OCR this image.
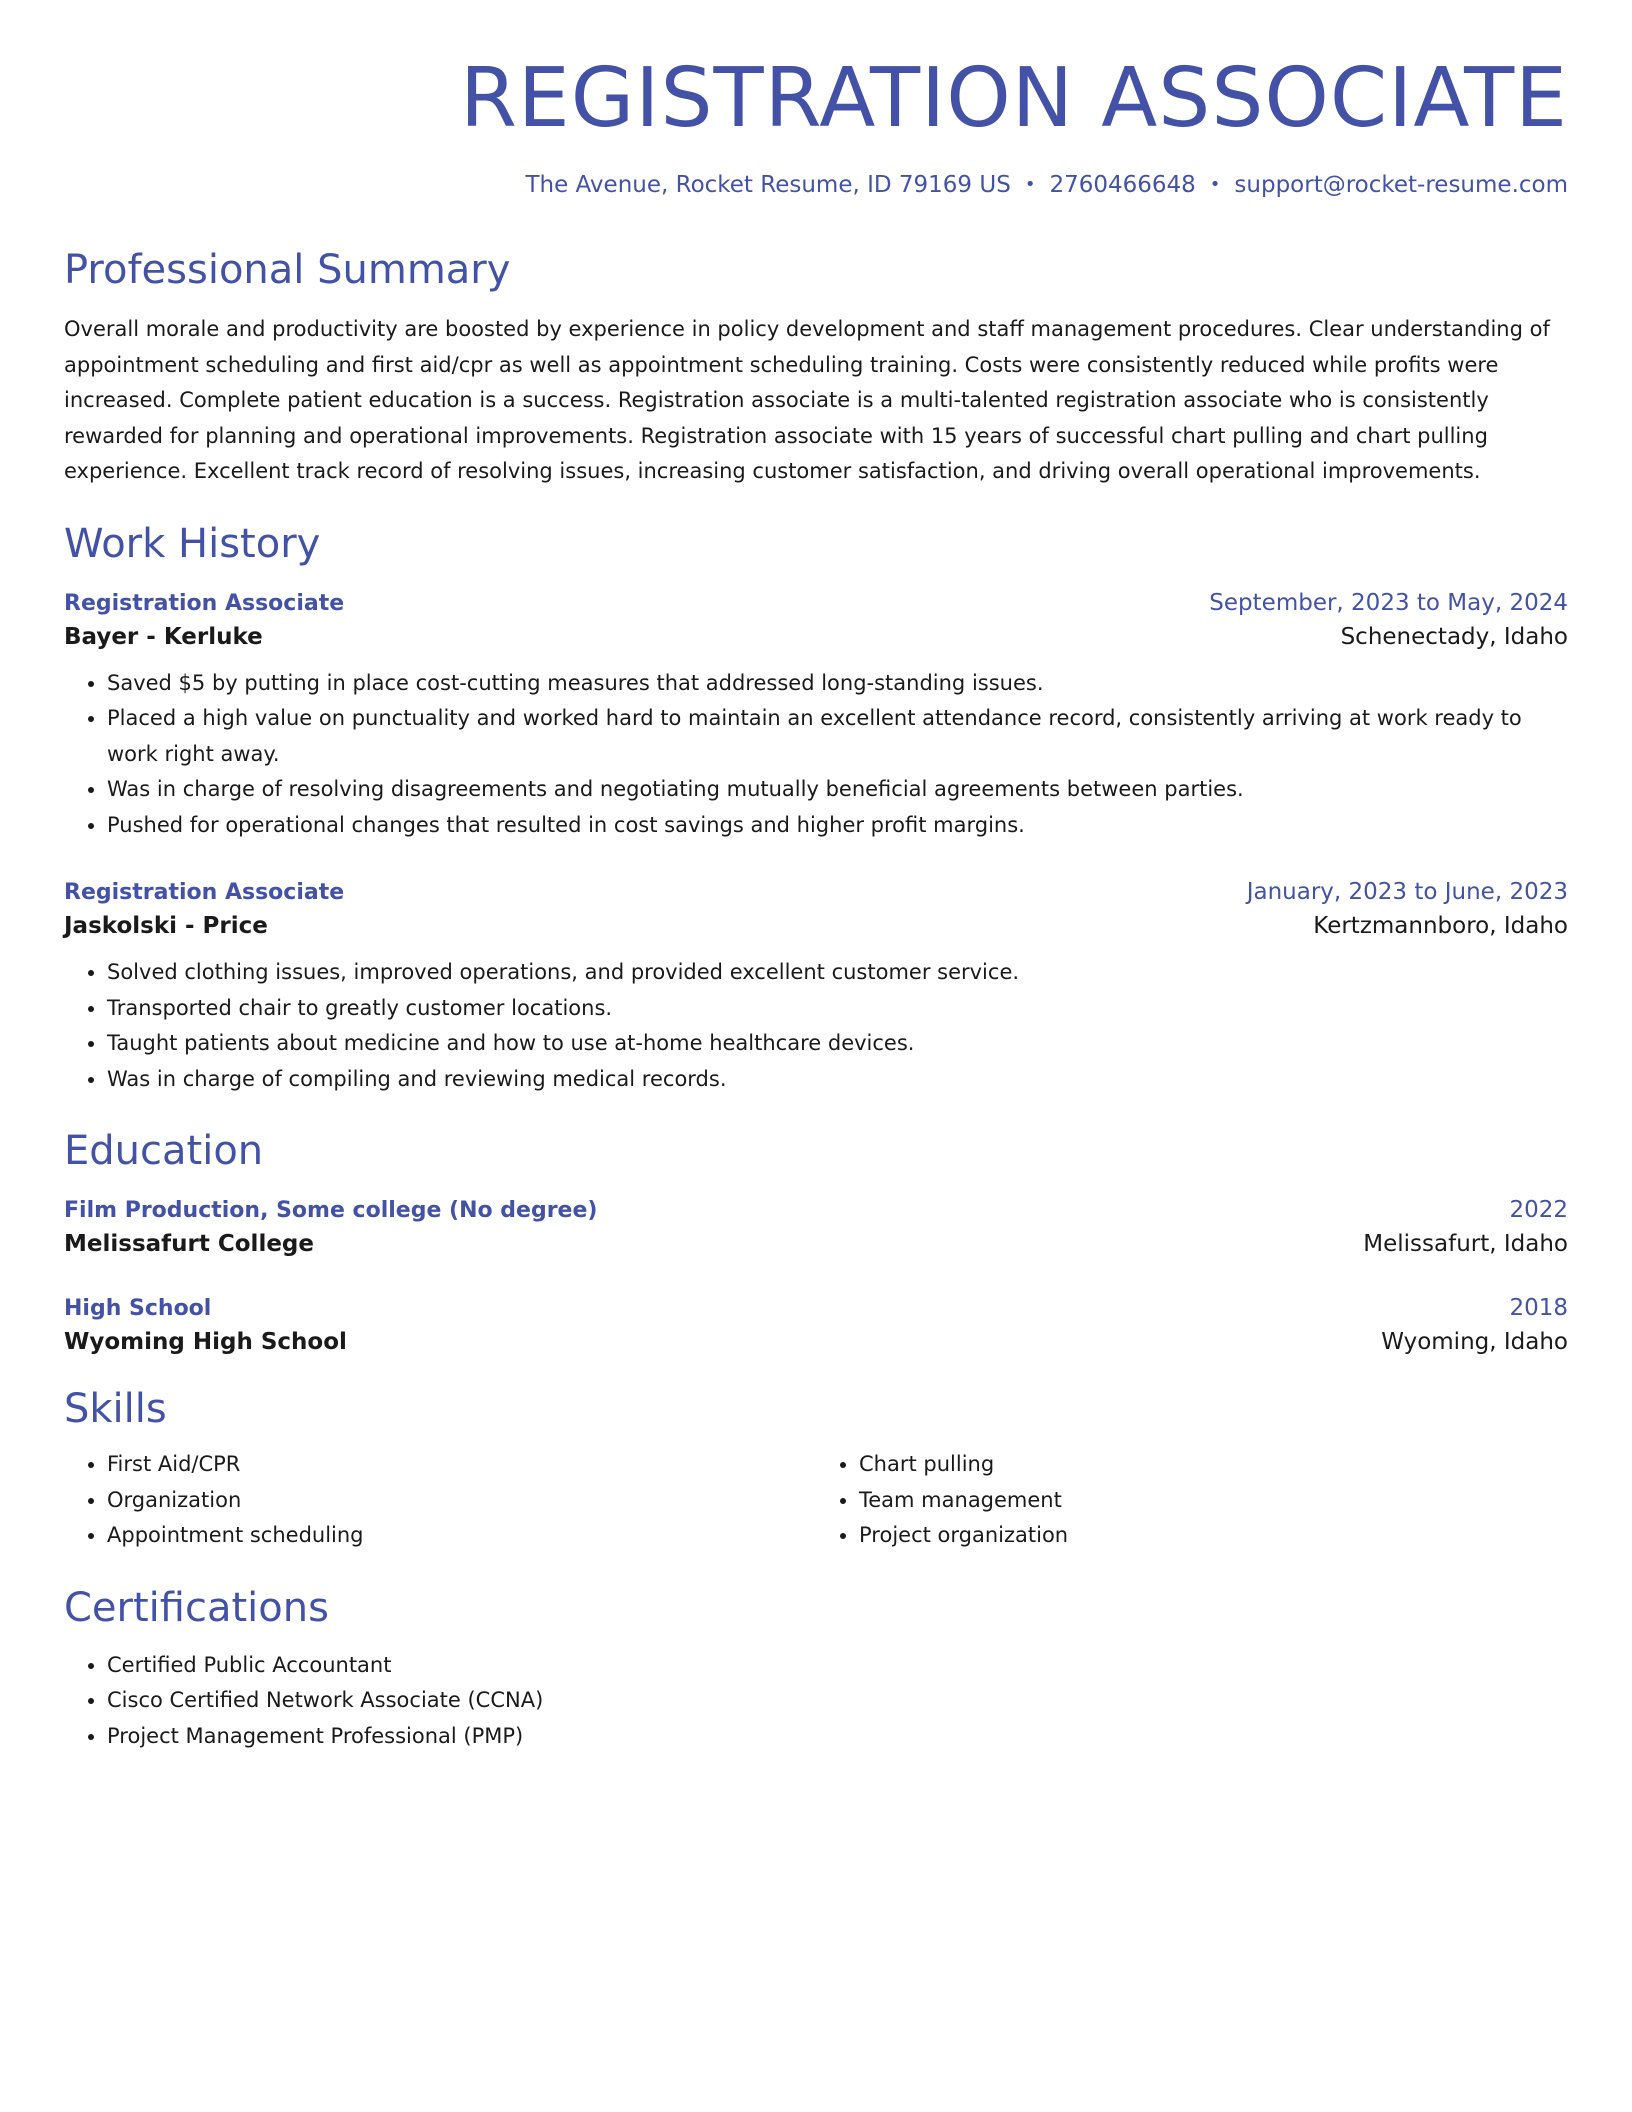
REGISTRATION ASSOCIATE
The Avenue, Rocket Resume, ID 79169 US • 2760466648 • support@rocket-resume.com
Professional Summary
Overall morale and productivity are boosted by experience in policy development and staff management procedures. Clear understanding of appointment scheduling and first aid/cpr as well as appointment scheduling training. Costs were consistently reduced while profits were increased. Complete patient education is a success. Registration associate is a multi-talented registration associate who is consistently rewarded for planning and operational improvements. Registration associate with 15 years of successful chart pulling and chart pulling experience. Excellent track record of resolving issues, increasing customer satisfaction, and driving overall operational improvements.
Work History
Registration Associate	September, 2023 to May, 2024
Bayer - Kerluke	Schenectady, Idaho
• Saved $5 by putting in place cost-cutting measures that addressed long-standing issues.
• Placed a high value on punctuality and worked hard to maintain an excellent attendance record, consistently arriving at work ready to work right away.
• Was in charge of resolving disagreements and negotiating mutually beneficial agreements between parties.
• Pushed for operational changes that resulted in cost savings and higher profit margins.
Registration Associate	January, 2023 to June, 2023
Jaskolski - Price	Kertzmannboro, Idaho
• Solved clothing issues, improved operations, and provided excellent customer service.
• Transported chair to greatly customer locations.
• Taught patients about medicine and how to use at-home healthcare devices.
• Was in charge of compiling and reviewing medical records.
Education
Film Production, Some college (No degree)	2022
Melissafurt College	Melissafurt, Idaho
High School	2018
Wyoming High School	Wyoming, Idaho
Skills
• First Aid/CPR
• Organization
• Appointment scheduling
• Chart pulling
• Team management
• Project organization
Certifications
• Certified Public Accountant
• Cisco Certified Network Associate (CCNA)
• Project Management Professional (PMP)
